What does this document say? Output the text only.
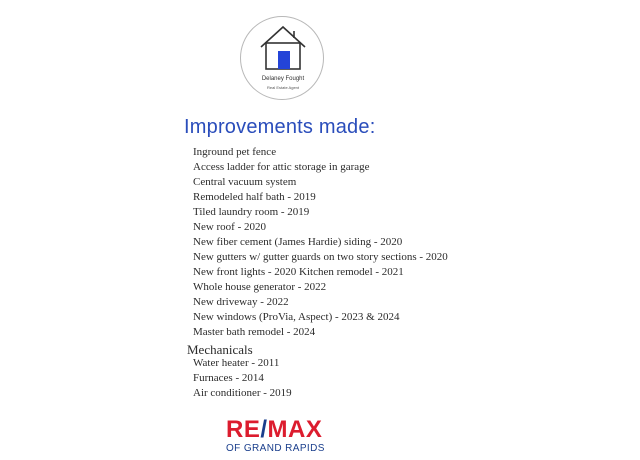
Delaney Fought
Real Estate Agent
Improvements made:
Inground pet fence
Access ladder for attic storage in garage
Central vacuum system
Remodeled half bath - 2019
Tiled laundry room - 2019
New roof - 2020
New fiber cement (James Hardie) siding - 2020
New gutters w/ gutter guards on two story sections - 2020
New front lights - 2020 Kitchen remodel - 2021
Whole house generator - 2022
New driveway - 2022
New windows (ProVia, Aspect) - 2023 & 2024
Master bath remodel - 2024
Mechanicals
Water heater - 2011
Furnaces - 2014
Air conditioner - 2019
RE/MAX
OF GRAND RAPIDS
